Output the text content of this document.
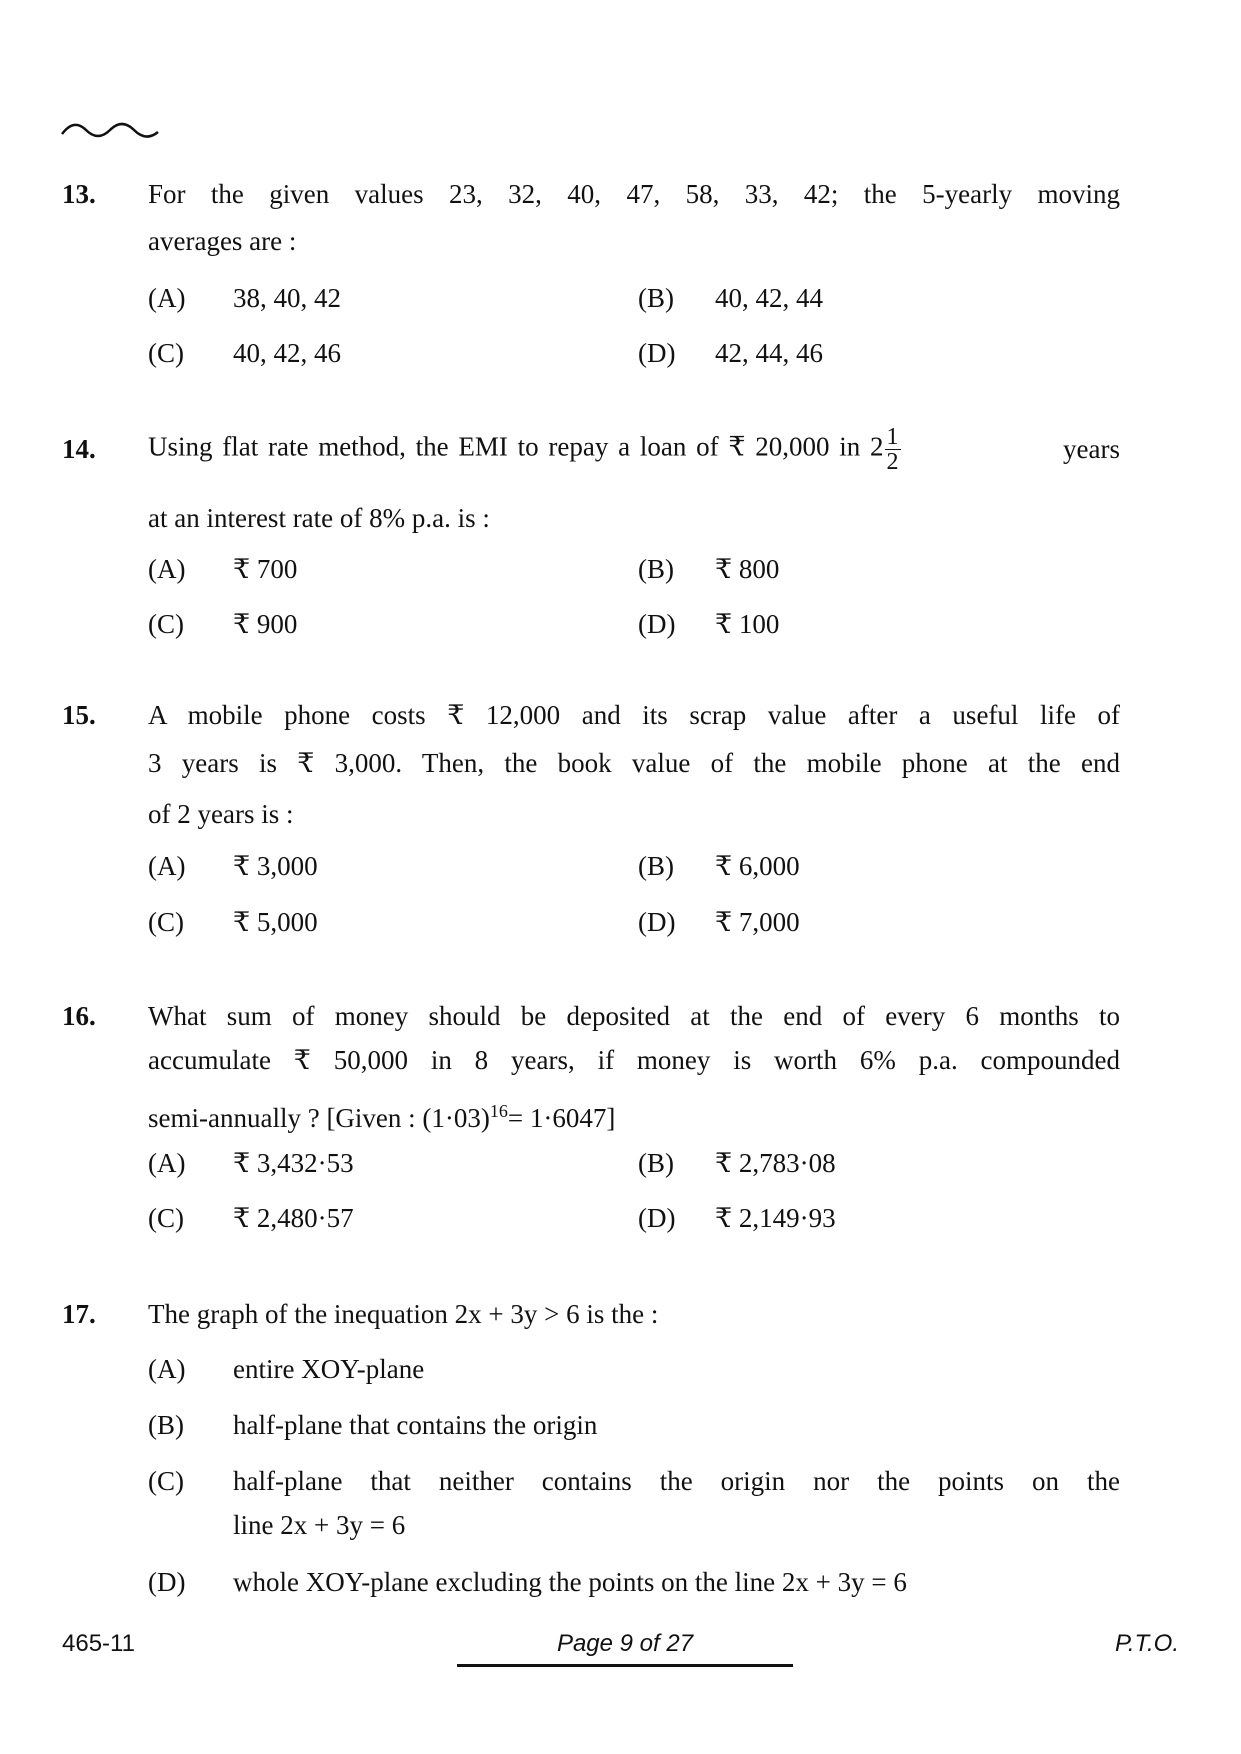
13. For the given values 23, 32, 40, 47, 58, 33, 42; the 5-yearly moving
averages are :
(A) 38, 40, 42	(B) 40, 42, 44
(C) 40, 42, 46	(D) 42, 44, 46
14. Using flat rate method, the EMI to repay a loan of ₹ 20,000 in $2 \frac{1}{2}$	years
at an interest rate of 8% p.a. is :
(A) ₹ 700	(B) ₹ 800
(C) ₹ 900	(D) ₹ 100
15. A mobile phone costs ₹ 12,000 and its scrap value after a useful life of
3 years is ₹ 3,000. Then, the book value of the mobile phone at the end
of 2 years is :
(A) ₹ 3,000	(B) ₹ 6,000
(C) ₹ 5,000	(D) ₹ 7,000
16. What sum of money should be deposited at the end of every 6 months to
accumulate ₹ 50,000 in 8 years, if money is worth 6% p.a. compounded
semi-annually ? [Given : $(1\cdot 03)^{16}= 1\cdot 6047$]
(A) ₹ 3,432·53	(B) ₹ 2,783·08
(C) ₹ 2,480·57	(D) ₹ 2,149·93
17. The graph of the inequation 2x + 3y > 6 is the :
(A) entire XOY-plane
(B) half-plane that contains the origin
(C) half-plane that neither contains the origin nor the points on the
line 2x + 3y = 6
(D) whole XOY-plane excluding the points on the line 2x + 3y = 6
465-11	Page 9 of 27	P.T.O.
